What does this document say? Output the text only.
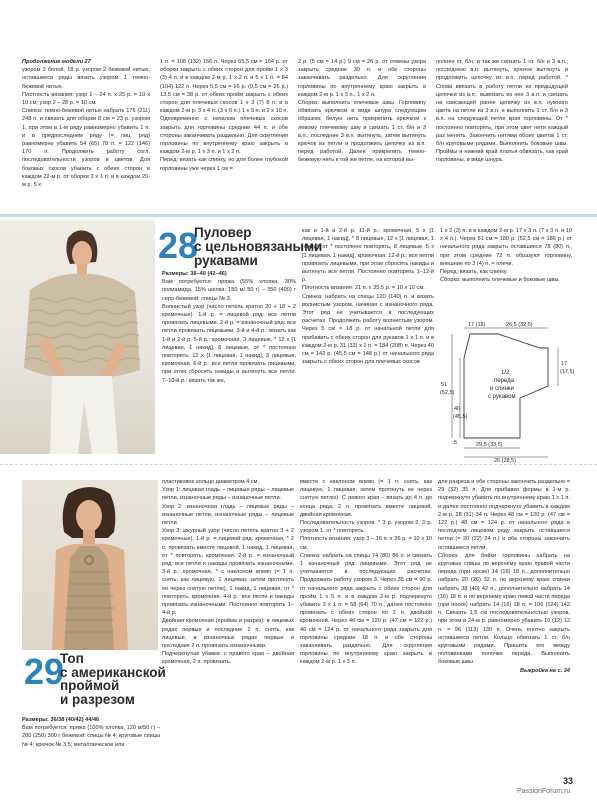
Продолжение модели 27

узором 2 белой, 18 р. узором 2 бежевой нитью, оставшиеся ряды вязать узором 1 темно-бежевой нитью.

Плотность вязания: узор 1 – 24 п. х 25 р. = 10 х 10 см; узор 2 – 28 р. = 10 см.

Спинка: темно-бежевой нитью набрать 176 (211) 248 п. и связать для оборки 8 см = 23 р. узором 1, при этом в 1-м ряду равномерно убавить 1 п. и в предпоследнем ряду (= лиц. ряд) равномерно убавить 54 (65) 78 п. = 122 (146) 170 п. Продолжить работу согл. последовательности узоров и цветов. Для боковых скосов убавить с обеих сторон в каждом 22-м р. от оборки 2 х 1 п. и в каждом 20-м р. 5 х

1 п. = 108 (132) 156 п. Через 65,5 см = 164 р. от оборки закрыть с обеих сторон для пройм 1 х 3 (3) 4 п. и в каждом 2-м р. 1 х 2 п. и 5 х 1 п. = 84 (104) 122 п. Через 5,5 см = 16 р. (9,5 см = 26 р.) 13,5 см = 38 р. от обеих пройм закрыть с обеих сторон для плечевых скосов 1 х 3 (7) 8 п. и в каждом 2-м р. 3 х 4 п. (3 х 6 п.) 1 х 9 п. и 2 х 10 п. Одновременно с началом плечевых скосов закрыть для горловины средние 44 п. и обе стороны заканчивать раздельно. Для скругления горловины по внутреннему краю закрыть в каждом 2-м р. 1 х 3 п. и 1 х 2 п.

Перед: вязать как спинку, но для более глубокой горловины уже через 1 см =

2 р. (5 см = 14 р.) 9 см = 26 р. от отмены узора закрыть средние 30 п. и обе стороны заканчивать раздельно. Для скругления горловины по внутреннему краю закрыть в каждом 2-м р. 1 х 3 п., 1 х 2 п.

Сборка: выполнить плечевые швы. Горловину обвязать крючком в виде шнура следующим образом: белую нить прикрепить крючком к левому плечевому шву и связать 1 ст. б/н и 3 в.п.; последние 3 в.п. вытянуть, затем вытянуть крючок из петли и продолжить цепочку из в.п. перед работой. Далее прикрепить темно-бежевую нить к той же петле, на которой вы-

полнен ст. б/н, и так же связать 1 ст. б/н и 3 в.п.; последнюю в.п. вытянуть, крючок вытянуть и продолжить цепочку из в.п. перед работой. * Снова ввязать в работу петли из предыдущей цепочки из в.п., вывязать из нее 3 в.п. и связать на свисающей ранее цепочку из в.п. нужного цвета на петле из 3 в.п. и выполнить 1 ст. б/н и 3 в.п. на следующей петле края горловины. От * постоянно повторять, при этом цвет нити каждый раз менять. Закончить нитями обоих цветов 1 ст. б/н круговыми рядами. Выполнить боковые швы. Проймы и нижний край платья обвязать, как край горловины, в виде шнура.

28
Пуловер
с цельновязаными
рукавами

Размеры: 36–40 (42–46)

Вам потребуется: пряжа (55% хлопка, 30% полиамида, 15% шелка; 150 м/ 50 г) – 350 (400) г серо-бежевой; спицы № 3.

Волнистый узор (число петель кратно 20 + 18 + 2 кромочные). 1-й р. = лицевой ряд: все петли провязать лицевыми. 2-й р. = изнаночный ряд: все петли провязать лицевыми. 3-й и 4-й р.: вязать как 1-й и 2-й р. 5-й р.: кромочная, 3 лицевые, * 12 х [1 лицевая, 1 накид], 8 лицевые, от * постоянно повторять, 12 х [1 лицевая, 1 накид], 3 лицевые, кромочная. 6-й р.: все петли провязать лицевыми, при этом сбросить накиды и вытянуть все петли. 7–10-й р.: вязать так же,

как и 1-й и 2-й р. 11-й р.: кромочная, 5 х [1 лицевая, 1 накид], * 8 лицевые, 12 х [1 лицевая, 1 накид], от * постоянно повторять, 8 лицевые, 5 х [1 лицевая, 1 накид], кромочная. 12-й р.: все петли провязать лицевыми, при этом сбросить накиды и вытянуть все петли. Постоянно повторять 1–12-й р.

Плотность вязания: 21 п. х 35,5 р. = 10 х 10 см.

Спинка: набрать на спицы 120 (140) п. и вязать волнистым узором, начиная с изнаночного ряда. Этот ряд не учитывается в последующих расчетах. Продолжить работу волнистым узором. Через 5 см = 18 р. от начальной петли для прибавить с обеих сторон для рукавов 1 х 1 п. и в каждом 2-м р. 31 (33) х 1 п. = 184 (208) п. Через 40 см = 142 р. (45,5 см = 148 р.) от начального ряда закрыть с обеих сторон для плечевых скосов

1 х 2 (3) п. и в каждом 2-м р. 17 х 3 п. (7 х 3 п. и 10 х 4 п.). Через 51 см = 180 р. (52,5 см = 186 р.) от начального ряда закрыть оставшиеся 78 (80) п., при этом средние 72 п. образуют горловину, внешние по 3 (4) п. = плечи.

Перед: вязать, как спинку.

Сборка: выполнить плечевые и боковые швы.

17 (18)	26,5 (32,5)
17
(17,5)
1/2
переда
и спинки
с рукавом
51
(52,5)
40
(45,5)
5	29,5 (33,5)
26 (28,5)
29
Топ
с американской
проймой
и разрезом

Размеры: 36/38 (40/42) 44/46

Вам потребуется: пряжа (100% хлопка; 120 м/50 г) – 200 (250) 300 г бежевой; спицы № 4; круговые спицы № 4; крючок № 3,5; металлическое или

пластиковое кольцо диаметром 4 см.

Узор 1: лицевая гладь – лицевые ряды – лицевые петли, изнаночные ряды – изнаночные петли.

Узор 2: изнаночная гладь – лицевые ряды – изнаночные петли, изнаночные ряды – лицевые петли.

Узор 3: ажурный узор (число петель кратно 3 + 2 кромочные). 1-й р. = лицевой ряд: кромочная, * 2 п. провязать вместе лицевой, 1 накид, 1 лицевая, от * повторять, кромочная. 2-й р. = изнаночный ряд: все петли и накиды провязать изнаночными. 3-й р.: кромочная, * с наклоном влево (= 1 п. снять, как лицевую, 1 лицевая, затем протянуть ее через снятую петлю), 1 накид, 1 лицевая, от * повторять, кромочная. 4-й р.: все петли и накиды провязать изнаночными. Постоянно повторять 1–4-й р.

Двойная кромочная (пройма и разрез): в лицевых рядах первые и последние 2 п. снять, как лицевые, в изнаночных рядах первые и последние 2 п. провязать изнаночными.

Подчеркнутые убавки: с правого края – двойная кромочная, 2 п. провязать

вместе с наклоном влево (= 1 п. снять, как лицевую, 1 лицевая, затем протянуть ее через снятую петлю). С левого края – вязать до 4 п. до конца ряда, 2 п. провязать вместе лицевой, двойная кромочная.

Последовательность узоров: * 3 р. узором 2, 3 р. узором 1, от * повторять.

Плотность вязания: узор 3 – 16 п. х 26 р. = 10 х 10 см.

Спинка: набрать на спицы 74 (80) 86 п. и связать 1 изнаночный ряд лицевыми. Этот ряд не учитывается в последующих расчетах. Продолжить работу узором 3. Через 35 см = 90 р. от начального ряда закрыть с обеих сторон для пройм 1 х 5 п. и в каждом 2-м р. подчеркнуто убавить 3 х 1 п. = 58 (64) 70 п., далее постоянно провязать с обеих сторон по 2 п. двойной кромочной. Через 46 см = 120 р. (47 см = 122 р.) 46 см = 124 р. от начального ряда закрыть для горловины средние 18 п. и обе стороны заканчивать раздельно. Для скругления горловины по внутреннему краю закрыть в каждом 2-м р. 1 х 3 п.

для разреза и обе стороны закончить раздельно = 29 (32) 35 п. Для прибавки формы в 1-м р. подчеркнуто убавить по внутреннему краю 1 х 1 п. и далее постоянно подчеркнуто убавить в каждом 2-м р. 28 (31) 34 п. Через 48 см = 120 р. (47 см = 122 р.) 48 см = 124 р. от начального ряда в последнем лицевом ряду закрыть оставшиеся петли (= 20 (22) 24 п.) и обе стороны закончить оставшиеся петли.

Сборка: для бейки горловины набрать на круговые спицы по верхнему краю правой части переда (при носке) 14 (16) 18 п., дополнительно набрать 20 (26) 32 п. по верхнему краю спинки набрать 38 (40) 42 п., дополнительно набрать 14 (16) 18 п. и по верхнему краю левой части переда (при носке) набрать 14 (16) 18 п. = 106 (124) 142 п. Связать 1,5 см последовательностью узоров, при этом в 24-м р. равномерно убавить 10 (12) 12 п. = 96 (113) 130 п. Очень плотно закрыть оставшиеся петли. Кольцо обвязать 1 ст. б/н круговыми рядами. Пришить его между половинками полочки переда. Выполнить боковые швы.

Выкройка на с. 34

33
PassionForum.ru
